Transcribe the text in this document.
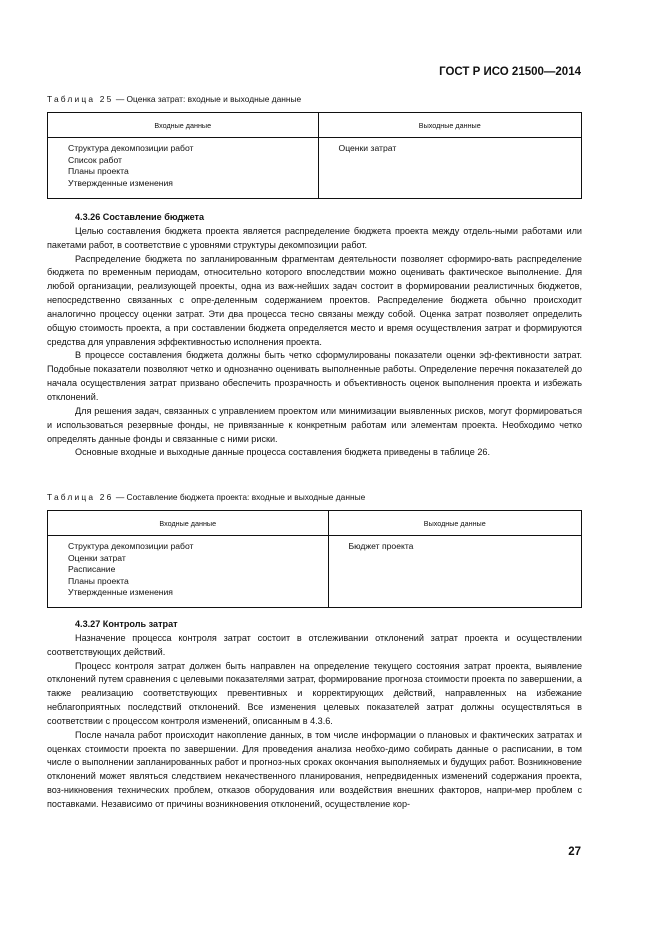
ГОСТ Р ИСО 21500—2014
Таблица 25 — Оценка затрат: входные и выходные данные
Входные данные	Выходные данные

Структура декомпозиции работ
Список работ
Планы проекта
Утвержденные изменения	Оценки затрат
4.3.26 Составление бюджета

Целью составления бюджета проекта является распределение бюджета проекта между отдель-ными работами или пакетами работ, в соответствие с уровнями структуры декомпозиции работ.

Распределение бюджета по запланированным фрагментам деятельности позволяет сформиро-вать распределение бюджета по временным периодам, относительно которого впоследствии можно оценивать фактическое выполнение. Для любой организации, реализующей проекты, одна из важ-нейших задач состоит в формировании реалистичных бюджетов, непосредственно связанных с опре-деленным содержанием проектов. Распределение бюджета обычно происходит аналогично процессу оценки затрат. Эти два процесса тесно связаны между собой. Оценка затрат позволяет определить общую стоимость проекта, а при составлении бюджета определяется место и время осуществления затрат и формируются средства для управления эффективностью исполнения проекта.

В процессе составления бюджета должны быть четко сформулированы показатели оценки эф-фективности затрат. Подобные показатели позволяют четко и однозначно оценивать выполненные работы. Определение перечня показателей до начала осуществления затрат призвано обеспечить прозрачность и объективность оценок выполнения проекта и избежать отклонений.

Для решения задач, связанных с управлением проектом или минимизации выявленных рисков, могут формироваться и использоваться резервные фонды, не привязанные к конкретным работам или элементам проекта. Необходимо четко определять данные фонды и связанные с ними риски.

Основные входные и выходные данные процесса составления бюджета приведены в таблице 26.

Таблица 26 — Составление бюджета проекта: входные и выходные данные
Входные данные	Выходные данные

Структура декомпозиции работ
Оценки затрат
Расписание
Планы проекта
Утвержденные изменения	Бюджет проекта
4.3.27 Контроль затрат

Назначение процесса контроля затрат состоит в отслеживании отклонений затрат проекта и осуществлении соответствующих действий.

Процесс контроля затрат должен быть направлен на определение текущего состояния затрат проекта, выявление отклонений путем сравнения с целевыми показателями затрат, формирование прогноза стоимости проекта по завершении, а также реализацию соответствующих превентивных и корректирующих действий, направленных на избежание неблагоприятных последствий отклонений. Все изменения целевых показателей затрат должны осуществляться в соответствии с процессом контроля изменений, описанным в 4.3.6.

После начала работ происходит накопление данных, в том числе информации о плановых и фактических затратах и оценках стоимости проекта по завершении. Для проведения анализа необхо-димо собирать данные о расписании, в том числе о выполнении запланированных работ и прогноз-ных сроках окончания выполняемых и будущих работ. Возникновение отклонений может являться следствием некачественного планирования, непредвиденных изменений содержания проекта, воз-никновения технических проблем, отказов оборудования или воздействия внешних факторов, напри-мер проблем с поставками. Независимо от причины возникновения отклонений, осуществление кор-

27
